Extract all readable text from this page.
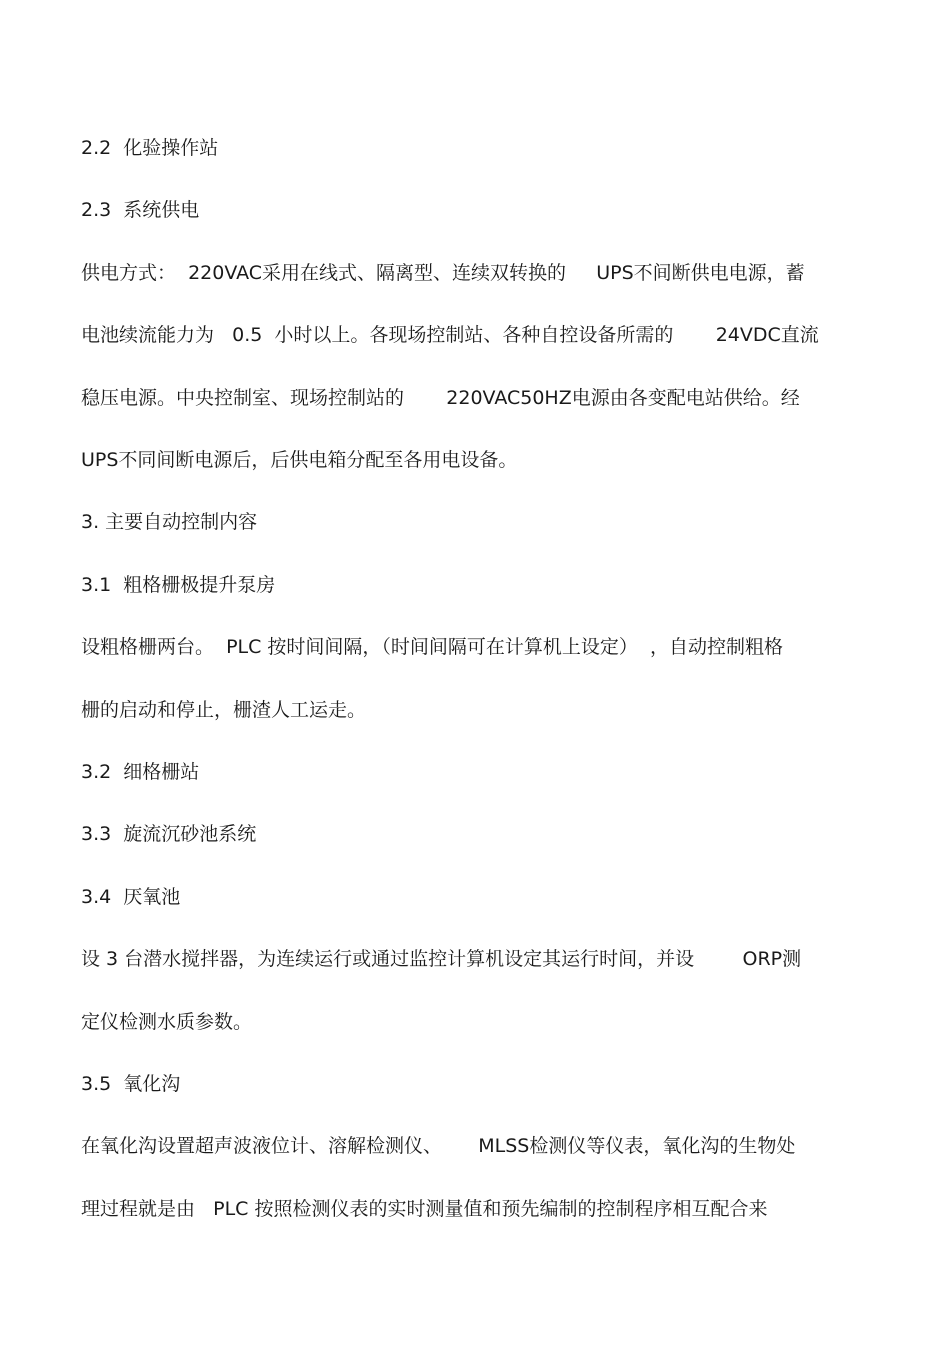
2.2  化验操作站
2.3  系统供电
供电方式：  220VAC采用在线式、隔离型、连续双转换的     UPS不间断供电电源，蓄
电池续流能力为   0.5  小时以上。各现场控制站、各种自控设备所需的       24VDC直流
稳压电源。中央控制室、现场控制站的       220VAC50HZ电源由各变配电站供给。经
UPS不同间断电源后，后供电箱分配至各用电设备。
3. 主要自动控制内容
3.1  粗格栅极提升泵房
设粗格栅两台。  PLC 按时间间隔，（时间间隔可在计算机上设定）  ，自动控制粗格
栅的启动和停止，栅渣人工运走。
3.2  细格栅站
3.3  旋流沉砂池系统
3.4  厌氧池
设 3 台潜水搅拌器，为连续运行或通过监控计算机设定其运行时间，并设        ORP测
定仪检测水质参数。
3.5  氧化沟
在氧化沟设置超声波液位计、溶解检测仪、      MLSS检测仪等仪表，氧化沟的生物处
理过程就是由   PLC 按照检测仪表的实时测量值和预先编制的控制程序相互配合来
